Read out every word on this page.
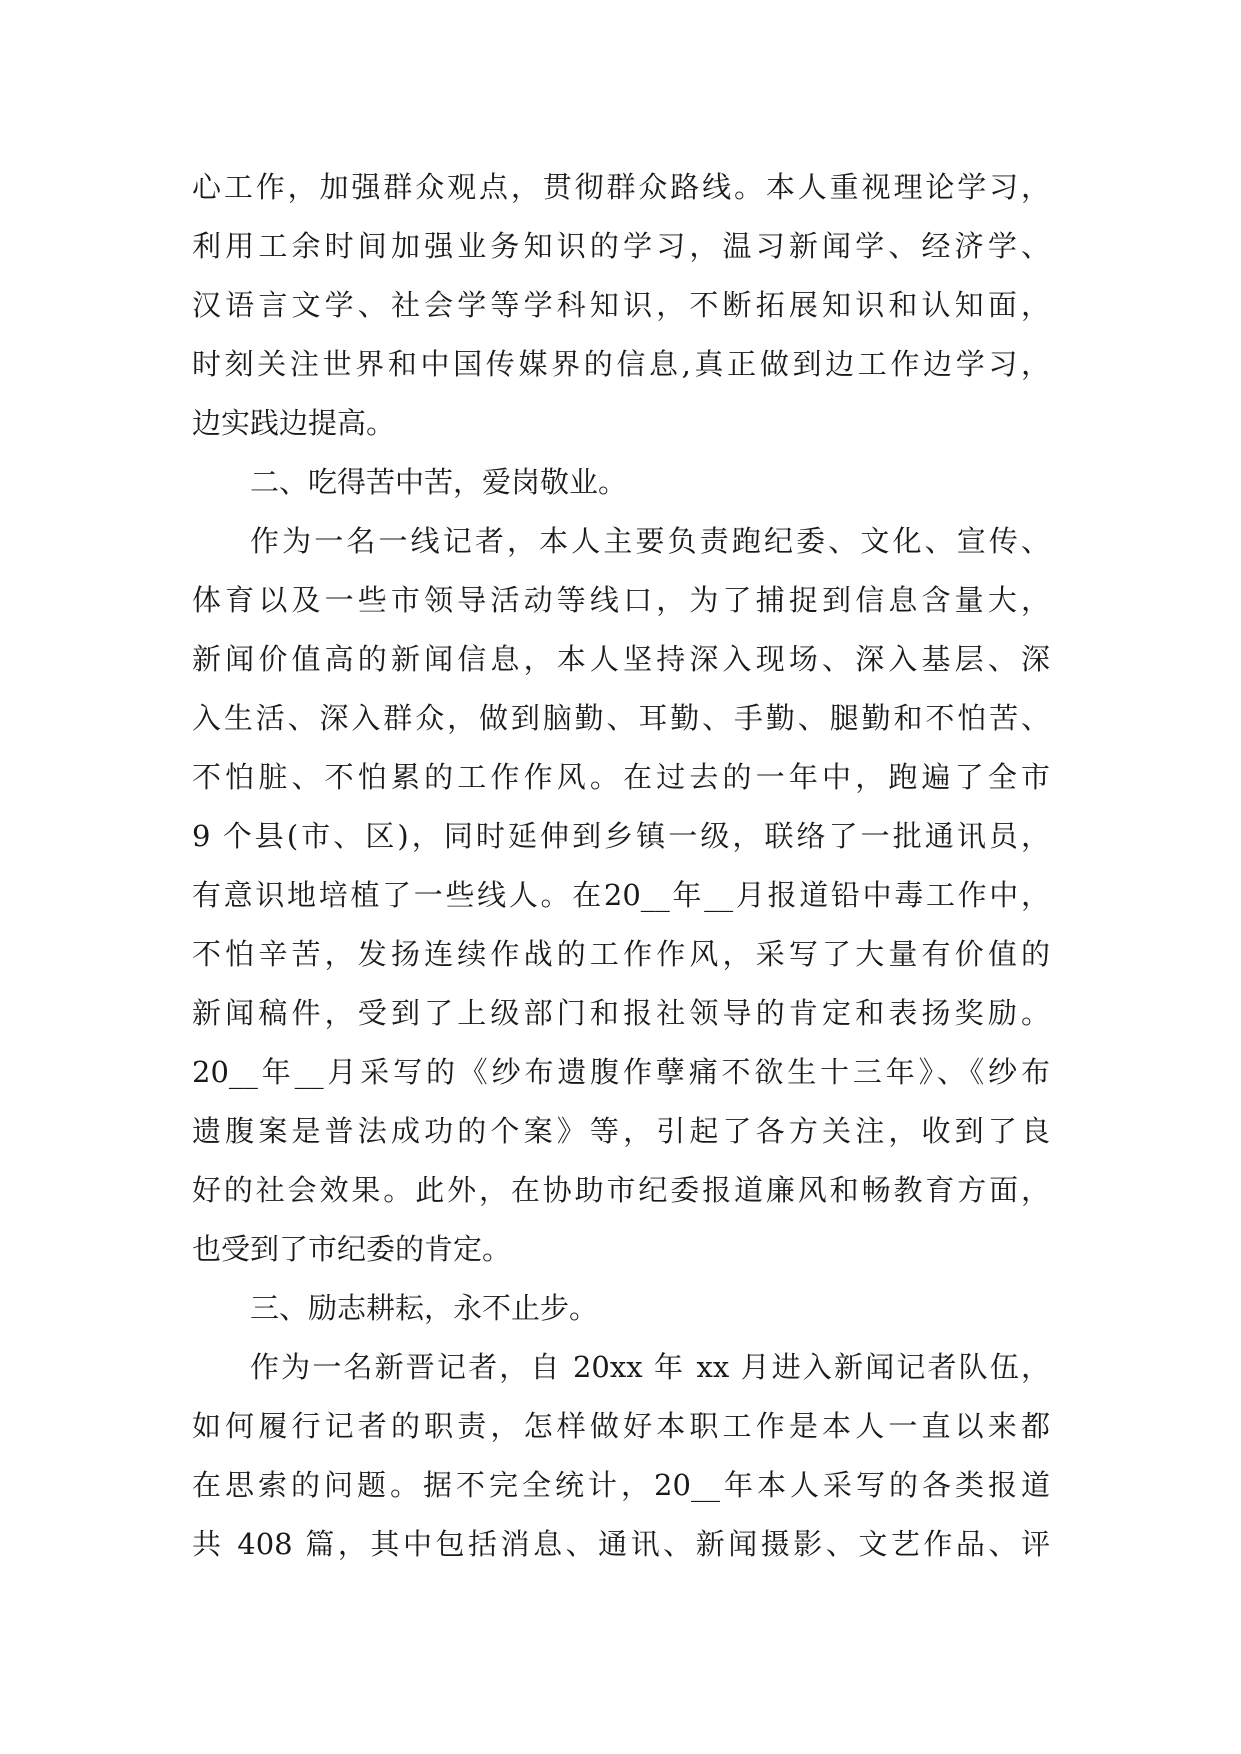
心工作，加强群众观点，贯彻群众路线。本人重视理论学习，
利用工余时间加强业务知识的学习，温习新闻学、经济学、
汉语言文学、社会学等学科知识，不断拓展知识和认知面，
时刻关注世界和中国传媒界的信息,真正做到边工作边学习，
边实践边提高。
二、吃得苦中苦，爱岗敬业。
作为一名一线记者，本人主要负责跑纪委、文化、宣传、
体育以及一些市领导活动等线口，为了捕捉到信息含量大，
新闻价值高的新闻信息，本人坚持深入现场、深入基层、深
入生活、深入群众，做到脑勤、耳勤、手勤、腿勤和不怕苦、
不怕脏、不怕累的工作作风。在过去的一年中，跑遍了全市
9 个县(市、区)，同时延伸到乡镇一级，联络了一批通讯员，
有意识地培植了一些线人。在20__年__月报道铅中毒工作中，
不怕辛苦，发扬连续作战的工作作风，采写了大量有价值的
新闻稿件，受到了上级部门和报社领导的肯定和表扬奖励。
20__年__月采写的《纱布遗腹作孽痛不欲生十三年》、《纱布
遗腹案是普法成功的个案》等，引起了各方关注，收到了良
好的社会效果。此外，在协助市纪委报道廉风和畅教育方面，
也受到了市纪委的肯定。
三、励志耕耘，永不止步。
作为一名新晋记者，自 20xx 年 xx 月进入新闻记者队伍，
如何履行记者的职责，怎样做好本职工作是本人一直以来都
在思索的问题。据不完全统计，20__年本人采写的各类报道
共 408 篇，其中包括消息、通讯、新闻摄影、文艺作品、评
